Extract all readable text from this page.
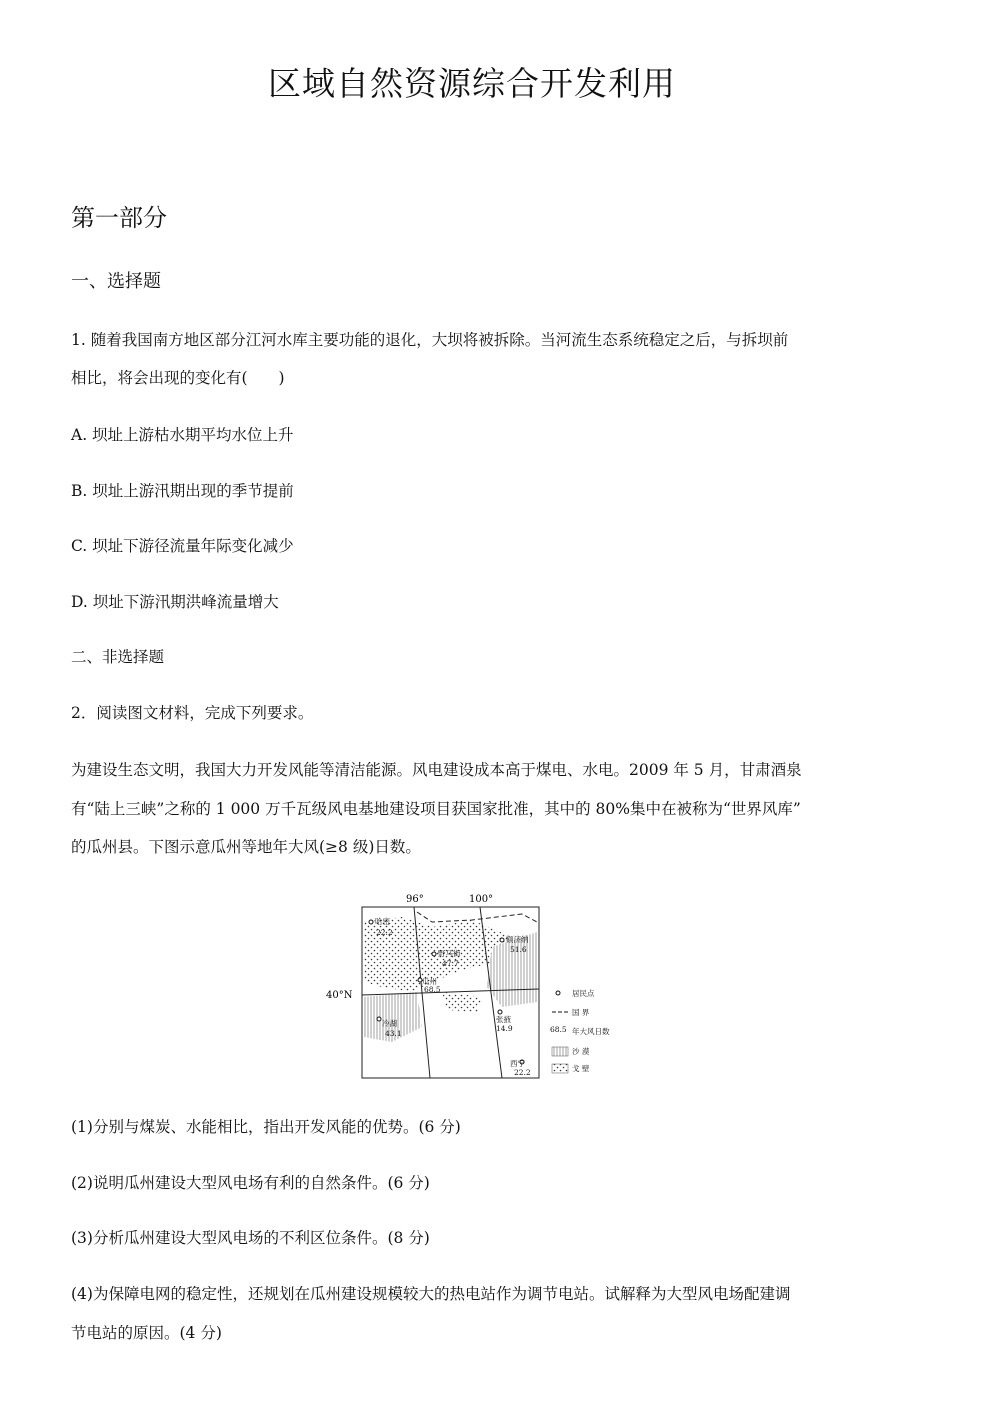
区域自然资源综合开发利用
第一部分
一、选择题
1. 随着我国南方地区部分江河水库主要功能的退化，大坝将被拆除。当河流生态系统稳定之后，与拆坝前
相比，将会出现的变化有(　　)
A. 坝址上游枯水期平均水位上升
B. 坝址上游汛期出现的季节提前
C. 坝址下游径流量年际变化减少
D. 坝址下游汛期洪峰流量增大
二、非选择题
2．阅读图文材料，完成下列要求。
为建设生态文明，我国大力开发风能等清洁能源。风电建设成本高于煤电、水电。2009 年 5 月，甘肃酒泉
有“陆上三峡”之称的 1 000 万千瓦级风电基地建设项目获国家批准，其中的 80%集中在被称为“世界风库”
的瓜州县。下图示意瓜州等地年大风(≥8 级)日数。
96°	100°
40°N
哈密
22.2
额济纳
51.6
野马街
47.7
瓜州
68.5
冷湖
43.1
张掖
14.9
西宁
22.2
居民点
国 界
68.5 年大风日数
沙 漠
戈 壁
(1)分别与煤炭、水能相比，指出开发风能的优势。(6 分)
(2)说明瓜州建设大型风电场有利的自然条件。(6 分)
(3)分析瓜州建设大型风电场的不利区位条件。(8 分)
(4)为保障电网的稳定性，还规划在瓜州建设规模较大的热电站作为调节电站。试解释为大型风电场配建调
节电站的原因。(4 分)
